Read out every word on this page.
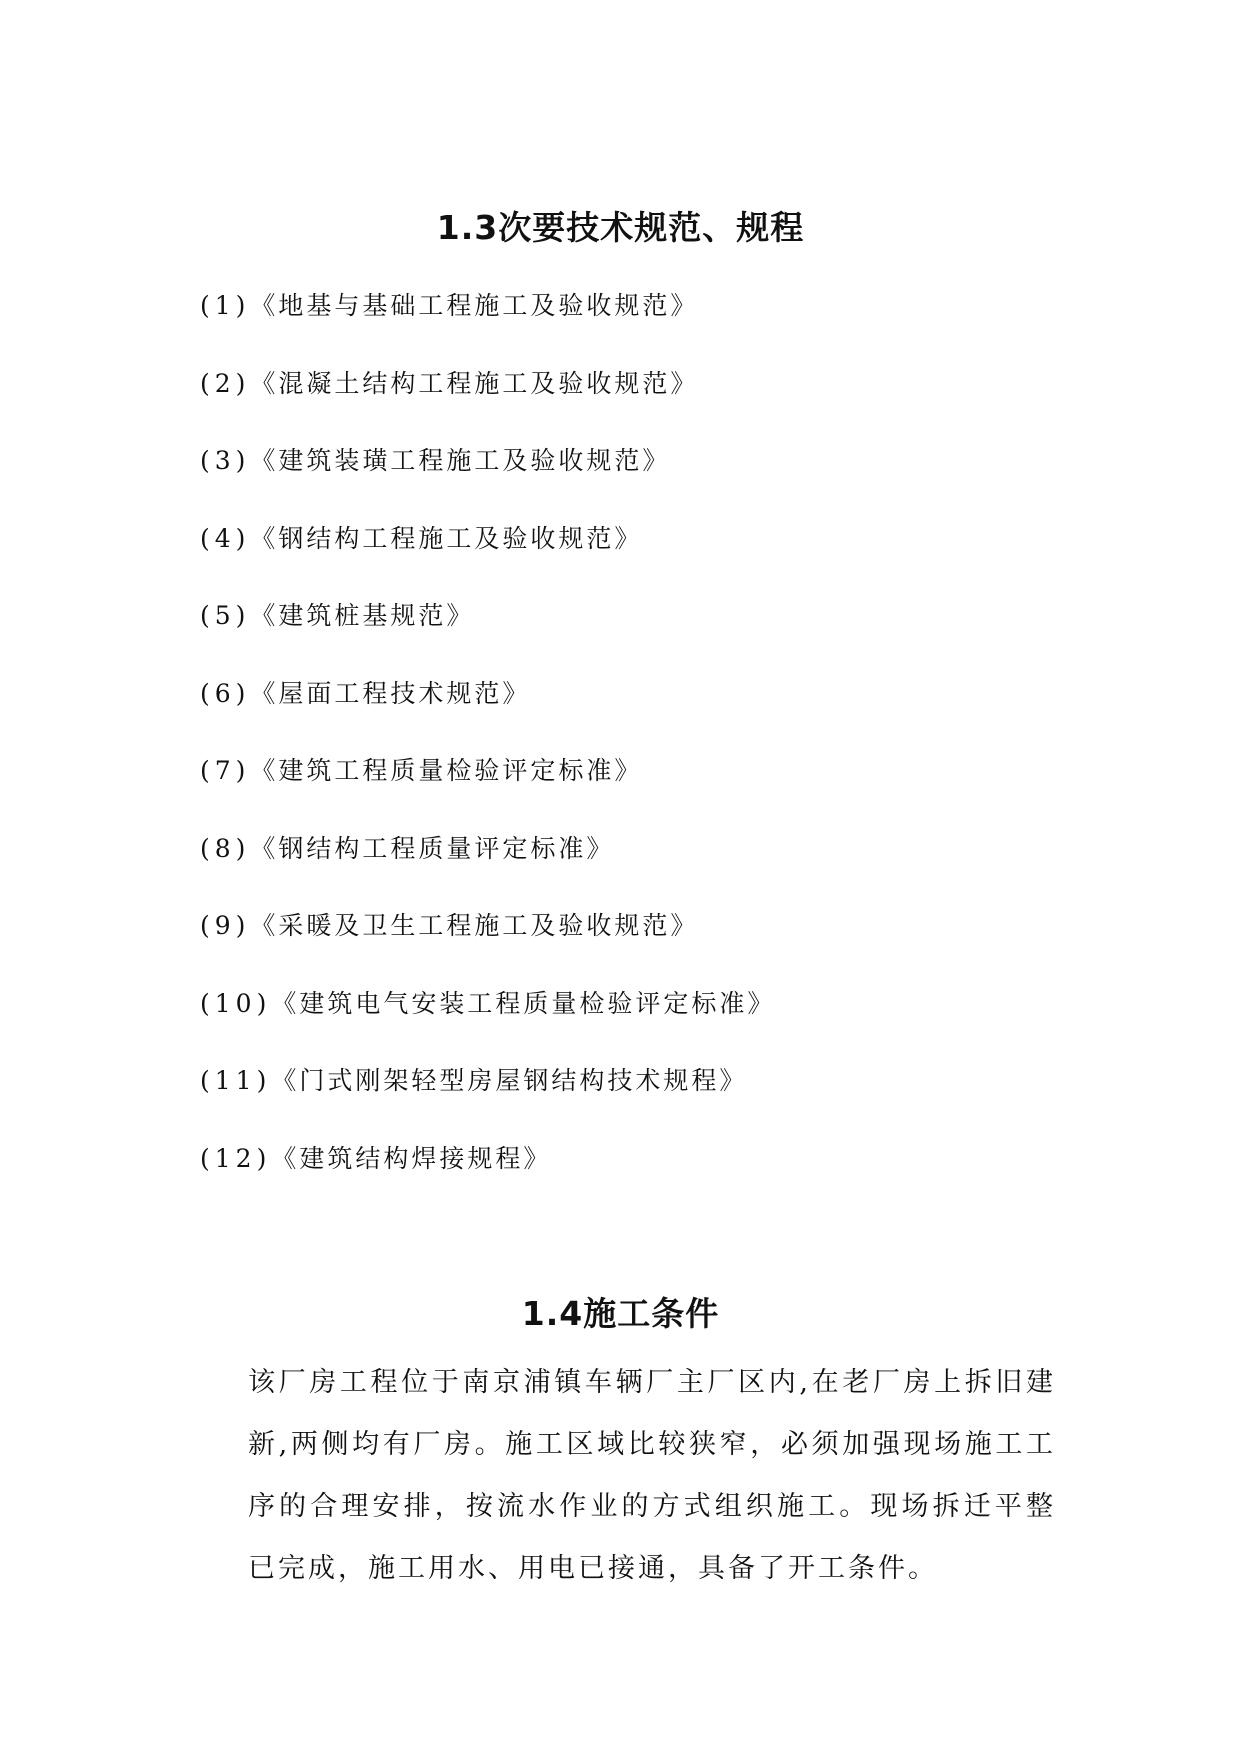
1.3次要技术规范、规程
(1)《地基与基础工程施工及验收规范》
(2)《混凝土结构工程施工及验收规范》
(3)《建筑装璜工程施工及验收规范》
(4)《钢结构工程施工及验收规范》
(5)《建筑桩基规范》
(6)《屋面工程技术规范》
(7)《建筑工程质量检验评定标准》
(8)《钢结构工程质量评定标准》
(9)《采暖及卫生工程施工及验收规范》
(10)《建筑电气安装工程质量检验评定标准》
(11)《门式刚架轻型房屋钢结构技术规程》
(12)《建筑结构焊接规程》
1.4施工条件

该厂房工程位于南京浦镇车辆厂主厂区内,在老厂房上拆旧建新,两侧均有厂房。施工区域比较狭窄，必须加强现场施工工序的合理安排，按流水作业的方式组织施工。现场拆迁平整已完成，施工用水、用电已接通，具备了开工条件。
